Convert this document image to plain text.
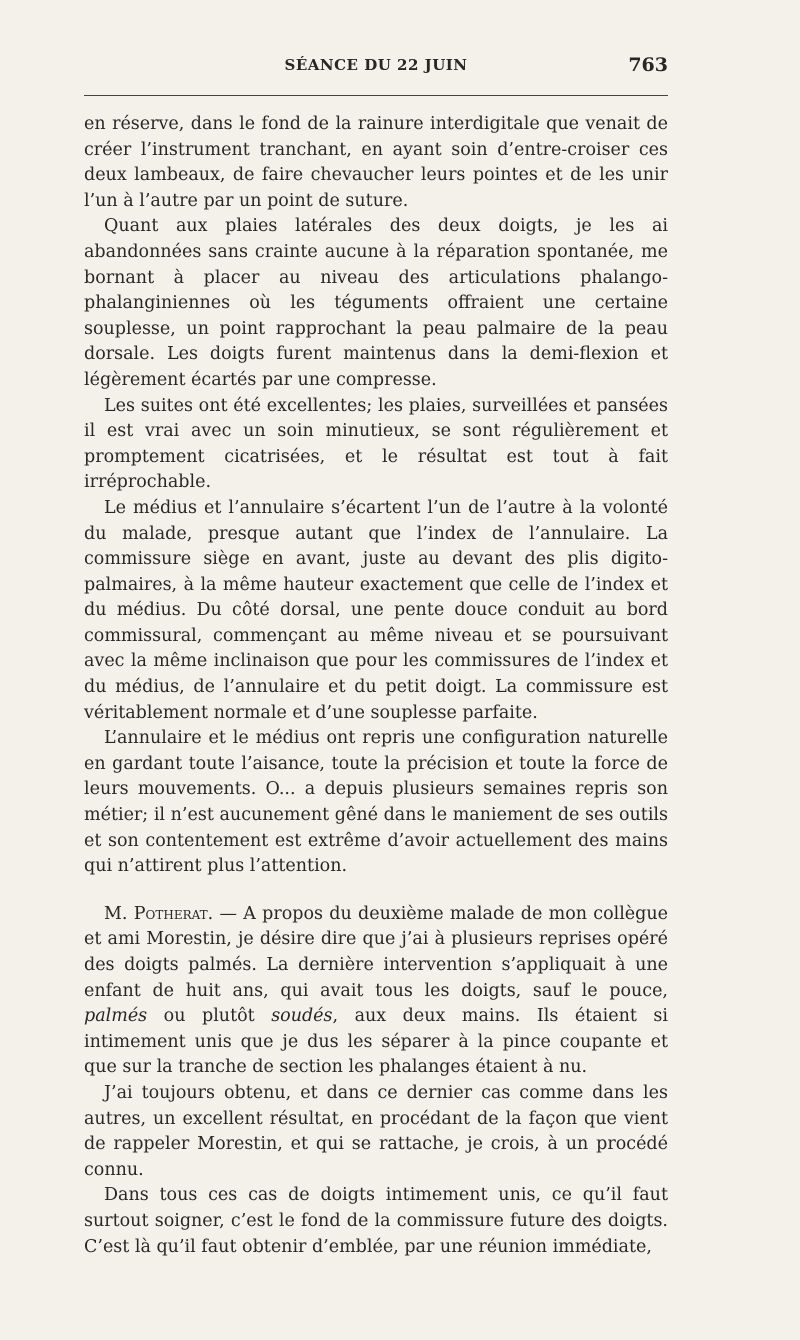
SÉANCE DU 22 JUIN	763

en réserve, dans le fond de la rainure interdigitale que venait de créer l’instrument tranchant, en ayant soin d’entre-croiser ces deux lambeaux, de faire chevaucher leurs pointes et de les unir l’un à l’autre par un point de suture.

Quant aux plaies latérales des deux doigts, je les ai abandonnées sans crainte aucune à la réparation spontanée, me bornant à placer au niveau des articulations phalango-phalanginiennes où les téguments offraient une certaine souplesse, un point rapprochant la peau palmaire de la peau dorsale. Les doigts furent maintenus dans la demi-flexion et légèrement écartés par une compresse.

Les suites ont été excellentes; les plaies, surveillées et pansées il est vrai avec un soin minutieux, se sont régulièrement et promptement cicatrisées, et le résultat est tout à fait irréprochable.

Le médius et l’annulaire s’écartent l’un de l’autre à la volonté du malade, presque autant que l’index de l’annulaire. La commissure siège en avant, juste au devant des plis digito-palmaires, à la même hauteur exactement que celle de l’index et du médius. Du côté dorsal, une pente douce conduit au bord commissural, commençant au même niveau et se poursuivant avec la même inclinaison que pour les commissures de l’index et du médius, de l’annulaire et du petit doigt. La commissure est véritablement normale et d’une souplesse parfaite.

L’annulaire et le médius ont repris une configuration naturelle en gardant toute l’aisance, toute la précision et toute la force de leurs mouvements. O... a depuis plusieurs semaines repris son métier; il n’est aucunement gêné dans le maniement de ses outils et son contentement est extrême d’avoir actuellement des mains qui n’attirent plus l’attention.

M. Potherat. — A propos du deuxième malade de mon collègue et ami Morestin, je désire dire que j’ai à plusieurs reprises opéré des doigts palmés. La dernière intervention s’appliquait à une enfant de huit ans, qui avait tous les doigts, sauf le pouce, palmés ou plutôt soudés, aux deux mains. Ils étaient si intimement unis que je dus les séparer à la pince coupante et que sur la tranche de section les phalanges étaient à nu.

J’ai toujours obtenu, et dans ce dernier cas comme dans les autres, un excellent résultat, en procédant de la façon que vient de rappeler Morestin, et qui se rattache, je crois, à un procédé connu.

Dans tous ces cas de doigts intimement unis, ce qu’il faut surtout soigner, c’est le fond de la commissure future des doigts. C’est là qu’il faut obtenir d’emblée, par une réunion immédiate,
